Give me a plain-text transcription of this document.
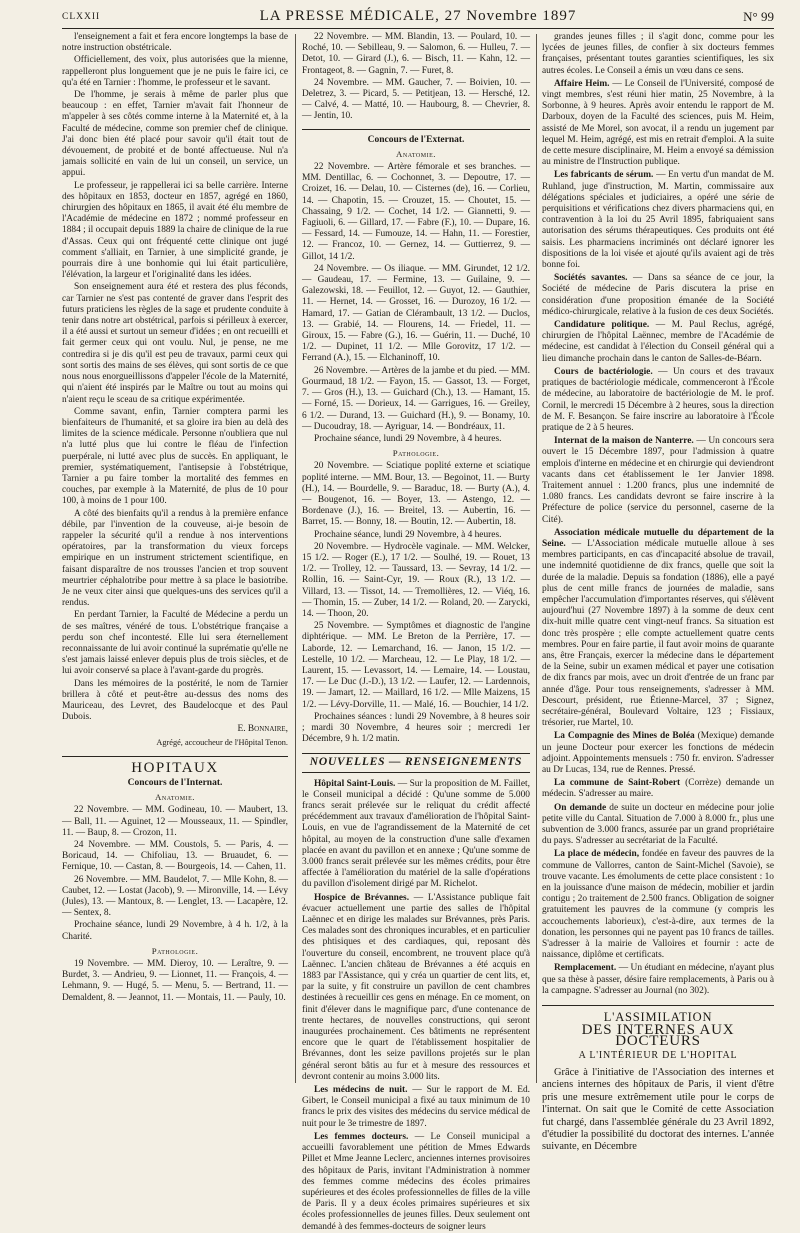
CLXXII	LA PRESSE MÉDICALE, 27 Novembre 1897	N° 99

l'enseignement a fait et fera encore longtemps la base de notre instruction obstétricale.

Officiellement, des voix, plus autorisées que la mienne, rappelleront plus longuement que je ne puis le faire ici, ce qu'a été en Tarnier : l'homme, le professeur et le savant.

De l'homme, je serais à même de parler plus que beaucoup : en effet, Tarnier m'avait fait l'honneur de m'appeler à ses côtés comme interne à la Maternité et, à la Faculté de médecine, comme son premier chef de clinique. J'ai donc bien été placé pour savoir qu'il était tout de dévouement, de probité et de bonté affectueuse. Nul n'a jamais sollicité en vain de lui un conseil, un service, un appui.

Le professeur, je rappellerai ici sa belle carrière. Interne des hôpitaux en 1853, docteur en 1857, agrégé en 1860, chirurgien des hôpitaux en 1865, il avait été élu membre de l'Académie de médecine en 1872 ; nommé professeur en 1884 ; il occupait depuis 1889 la chaire de clinique de la rue d'Assas. Ceux qui ont fréquenté cette clinique ont jugé comment s'alliait, en Tarnier, à une simplicité grande, je pourrais dire à une bonhomie qui lui était particulière, l'élévation, la largeur et l'originalité dans les idées.

Son enseignement aura été et restera des plus féconds, car Tarnier ne s'est pas contenté de graver dans l'esprit des futurs praticiens les règles de la sage et prudente conduite à tenir dans notre art obstétrical, parfois si périlleux à exercer, il a été aussi et surtout un semeur d'idées ; en ont recueilli et fait germer ceux qui ont voulu. Nul, je pense, ne me contredira si je dis qu'il est peu de travaux, parmi ceux qui sont sortis des mains de ses élèves, qui sont sortis de ce que nous nous enorgueillissons d'appeler l'école de la Maternité, qui n'aient été inspirés par le Maître ou tout au moins qui n'aient reçu le sceau de sa critique expérimentée.

Comme savant, enfin, Tarnier comptera parmi les bienfaiteurs de l'humanité, et sa gloire ira bien au delà des limites de la science médicale. Personne n'oubliera que nul n'a lutté plus que lui contre le fléau de l'infection puerpérale, ni lutté avec plus de succès. En appliquant, le premier, systématiquement, l'antisepsie à l'obstétrique, Tarnier a pu faire tomber la mortalité des femmes en couches, par exemple à la Maternité, de plus de 10 pour 100, à moins de 1 pour 100.

A côté des bienfaits qu'il a rendus à la première enfance débile, par l'invention de la couveuse, ai-je besoin de rappeler la sécurité qu'il a rendue à nos interventions opératoires, par la transformation du vieux forceps empirique en un instrument strictement scientifique, en faisant disparaître de nos trousses l'ancien et trop souvent meurtrier céphalotribe pour mettre à sa place le basiotribe. Je ne veux citer ainsi que quelques-uns des services qu'il a rendus.

En perdant Tarnier, la Faculté de Médecine a perdu un de ses maîtres, vénéré de tous. L'obstétrique française a perdu son chef incontesté. Elle lui sera éternellement reconnaissante de lui avoir continué la suprématie qu'elle ne s'est jamais laissé enlever depuis plus de trois siècles, et de lui avoir conservé sa place à l'avant-garde du progrès.

Dans les mémoires de la postérité, le nom de Tarnier brillera à côté et peut-être au-dessus des noms des Mauriceau, des Levret, des Baudelocque et des Paul Dubois.

E. Bonnaire,

Agrégé, accoucheur de l'Hôpital Tenon.

HOPITAUX
Concours de l'Internat.
Anatomie.

22 Novembre. — MM. Godineau, 10. — Maubert, 13. — Ball, 11. — Aguinet, 12 — Mousseaux, 11. — Spindler, 11. — Baup, 8. — Crozon, 11.

24 Novembre. — MM. Coustols, 5. — Paris, 4. — Boricaud, 14. — Chifoliau, 13. — Bruaudet, 6. — Fernique, 10. — Castan, 8. — Bourgeois, 14. — Cahen, 11.

26 Novembre. — MM. Baudelot, 7. — Mlle Kohn, 8. — Caubet, 12. — Lostat (Jacob), 9. — Mironville, 14. — Lévy (Jules), 13. — Mantoux, 8. — Lenglet, 13. — Lacapère, 12. — Sentex, 8.

Prochaine séance, lundi 29 Novembre, à 4 h. 1/2, à la Charité.

Pathologie.

19 Novembre. — MM. Dieroy, 10. — Leraître, 9. — Burdet, 3. — Andrieu, 9. — Lionnet, 11. — François, 4. — Lehmann, 9. — Hugé, 5. — Menu, 5. — Bertrand, 11. — Demaldent, 8. — Jeannot, 11. — Montais, 11. — Pauly, 10.

22 Novembre. — MM. Blandin, 13. — Poulard, 10. — Roché, 10. — Sebilleau, 9. — Salomon, 6. — Hulleu, 7. — Detot, 10. — Girard (J.), 6. — Bisch, 11. — Kahn, 12. — Frontageot, 8. — Gagnin, 7. — Furet, 8.

24 Novembre. — MM. Gaucher, 7. — Boivien, 10. — Deletrez, 3. — Picard, 5. — Petitjean, 13. — Hersché, 12. — Calvé, 4. — Matté, 10. — Haubourg, 8. — Chevrier, 8. — Jentin, 10.

Concours de l'Externat.
Anatomie.

22 Novembre. — Artère fémorale et ses branches. — MM. Dentillac, 6. — Cochonnet, 3. — Depoutre, 17. — Croizet, 16. — Delau, 10. — Cisternes (de), 16. — Corlieu, 14. — Chapotin, 15. — Crouzet, 15. — Choutet, 15. — Chassaing, 9 1/2. — Cochet, 14 1/2. — Giannetti, 9. — Fagiuoli, 6. — Gillard, 17. — Fabre (F.), 10. — Dupare, 16. — Fessard, 14. — Fumouze, 14. — Hahn, 11. — Forestier, 12. — Francoz, 10. — Gernez, 14. — Guttierrez, 9. — Gillot, 14 1/2.

24 Novembre. — Os iliaque. — MM. Girundet, 12 1/2. — Gaudeau, 17. — Fermine, 13. — Guilaine, 9. — Galezowski, 18. — Feuillot, 12. — Guyot, 12. — Gauthier, 11. — Hernet, 14. — Grosset, 16. — Durozoy, 16 1/2. — Hamard, 17. — Gatian de Clérambault, 13 1/2. — Duclos, 13. — Grabié, 14. — Flourens, 14. — Friedel, 11. — Giroux, 15. — Fabre (G.), 16. — Guérin, 11. — Duché, 10 1/2. — Dupinet, 11 1/2. — Mlle Gorovitz, 17 1/2. — Ferrand (A.), 15. — Elchaninoff, 10.

26 Novembre. — Artères de la jambe et du pied. — MM. Gourmaud, 18 1/2. — Fayon, 15. — Gassot, 13. — Forget, 7. — Gros (H.), 13. — Guichard (Ch.), 13. — Hamant, 15. — Forné, 15. — Dorieux, 14. — Garrigues, 16. — Greiley, 6 1/2. — Durand, 13. — Guichard (H.), 9. — Bonamy, 10. — Ducoudray, 18. — Ayriguar, 14. — Bondréaux, 11.

Prochaine séance, lundi 29 Novembre, à 4 heures.

Pathologie.

20 Novembre. — Sciatique poplité externe et sciatique poplité interne. — MM. Bour, 13. — Begoinot, 11. — Burty (H.), 14. — Bourdelle, 9. — Baraduc, 18. — Burty (A.), 4. — Bougenot, 16. — Boyer, 13. — Astengo, 12. — Bordenave (J.), 16. — Breitel, 13. — Aubertin, 16. — Barret, 15. — Bonny, 18. — Boutin, 12. — Aubertin, 18.

Prochaine séance, lundi 29 Novembre, à 4 heures.

20 Novembre. — Hydrocèle vaginale. — MM. Welcker, 15 1/2. — Roger (E.), 17 1/2. — Soulhé, 19. — Rouet, 13 1/2. — Trolley, 12. — Taussard, 13. — Sevray, 14 1/2. — Rollin, 16. — Saint-Cyr, 19. — Roux (R.), 13 1/2. — Villard, 13. — Tissot, 14. — Tremollières, 12. — Viéq, 16. — Thomin, 15. — Zuber, 14 1/2. — Roland, 20. — Zarycki, 14. — Thoon, 20.

25 Novembre. — Symptômes et diagnostic de l'angine diphtérique. — MM. Le Breton de la Perrière, 17. — Laborde, 12. — Lemarchand, 16. — Janon, 15 1/2. — Lestelle, 10 1/2. — Marcheau, 12. — Le Play, 18 1/2. — Laurent, 15. — Levassort, 14. — Lemaire, 14. — Loustau, 17. — Le Duc (J.-D.), 13 1/2. — Laufer, 12. — Lardennois, 19. — Jamart, 12. — Maillard, 16 1/2. — Mlle Maizens, 15 1/2. — Lévy-Dorville, 11. — Malé, 16. — Bouchier, 14 1/2.

Prochaines séances : lundi 29 Novembre, à 8 heures soir ; mardi 30 Novembre, 4 heures soir ; mercredi 1er Décembre, 9 h. 1/2 matin.

NOUVELLES — RENSEIGNEMENTS

Hôpital Saint-Louis. — Sur la proposition de M. Faillet, le Conseil municipal a décidé : Qu'une somme de 5.000 francs serait prélevée sur le reliquat du crédit affecté précédemment aux travaux d'amélioration de l'hôpital Saint-Louis, en vue de l'agrandissement de la Maternité de cet hôpital, au moyen de la construction d'une salle d'examen placée en avant du pavillon et en annexe ; Qu'une somme de 3.000 francs serait prélevée sur les mêmes crédits, pour être affectée à l'amélioration du matériel de la salle d'opérations du pavillon d'isolement dirigé par M. Richelot.

Hospice de Brévannes. — L'Assistance publique fait évacuer actuellement une partie des salles de l'hôpital Laënnec et en dirige les malades sur Brévannes, près Paris. Ces malades sont des chroniques incurables, et en particulier des phtisiques et des cardiaques, qui, reposant dès l'ouverture du conseil, encombrent, ne trouvent place qu'à Laënnec. L'ancien château de Brévannes a été acquis en 1883 par l'Assistance, qui y créa un quartier de cent lits, et, par la suite, y fit construire un pavillon de cent chambres destinées à recueillir ces gens en ménage. En ce moment, on finit d'élever dans le magnifique parc, d'une contenance de trente hectares, de nouvelles constructions, qui seront inaugurées prochainement. Ces bâtiments ne représentent encore que le quart de l'établissement hospitalier de Brévannes, dont les seize pavillons projetés sur le plan général seront bâtis au fur et à mesure des ressources et devront contenir au moins 3.000 lits.

Les médecins de nuit. — Sur le rapport de M. Ed. Gibert, le Conseil municipal a fixé au taux minimum de 10 francs le prix des visites des médecins du service médical de nuit pour le 3e trimestre de 1897.

Les femmes docteurs. — Le Conseil municipal a accueilli favorablement une pétition de Mmes Edwards Pillet et Mme Jeanne Leclerc, anciennes internes provisoires des hôpitaux de Paris, invitant l'Administration à nommer des femmes comme médecins des écoles primaires supérieures et des écoles professionnelles de filles de la ville de Paris. Il y a deux écoles primaires supérieures et six écoles professionnelles de jeunes filles. Deux seulement ont demandé à des femmes-docteurs de soigner leurs

grandes jeunes filles ; il s'agit donc, comme pour les lycées de jeunes filles, de confier à six docteurs femmes françaises, présentant toutes garanties scientifiques, les six autres écoles. Le Conseil a émis un vœu dans ce sens.

Affaire Heim. — Le Conseil de l'Université, composé de vingt membres, s'est réuni hier matin, 25 Novembre, à la Sorbonne, à 9 heures. Après avoir entendu le rapport de M. Darboux, doyen de la Faculté des sciences, puis M. Heim, assisté de Me Morel, son avocat, il a rendu un jugement par lequel M. Heim, agrégé, est mis en retrait d'emploi. A la suite de cette mesure disciplinaire, M. Heim a envoyé sa démission au ministre de l'Instruction publique.

Les fabricants de sérum. — En vertu d'un mandat de M. Ruhland, juge d'instruction, M. Martin, commissaire aux délégations spéciales et judiciaires, a opéré une série de perquisitions et vérifications chez divers pharmaciens qui, en contravention à la loi du 25 Avril 1895, fabriquaient sans autorisation des sérums thérapeutiques. Ces produits ont été saisis. Les pharmaciens incriminés ont déclaré ignorer les dispositions de la loi visée et ajouté qu'ils avaient agi de très bonne foi.

Sociétés savantes. — Dans sa séance de ce jour, la Société de médecine de Paris discutera la prise en considération d'une proposition émanée de la Société médico-chirurgicale, relative à la fusion de ces deux Sociétés.

Candidature politique. — M. Paul Reclus, agrégé, chirurgien de l'hôpital Laënnec, membre de l'Académie de médecine, est candidat à l'élection du Conseil général qui a lieu dimanche prochain dans le canton de Salles-de-Béarn.

Cours de bactériologie. — Un cours et des travaux pratiques de bactériologie médicale, commenceront à l'École de médecine, au laboratoire de bactériologie de M. le prof. Cornil, le mercredi 15 Décembre à 2 heures, sous la direction de M. F. Besançon. Se faire inscrire au laboratoire à l'École pratique de 2 à 5 heures.

Internat de la maison de Nanterre. — Un concours sera ouvert le 15 Décembre 1897, pour l'admission à quatre emplois d'interne en médecine et en chirurgie qui deviendront vacants dans cet établissement le 1er Janvier 1898. Traitement annuel : 1.200 francs, plus une indemnité de 1.080 francs. Les candidats devront se faire inscrire à la Préfecture de police (service du personnel, caserne de la Cité).

Association médicale mutuelle du département de la Seine. — L'Association médicale mutuelle alloue à ses membres participants, en cas d'incapacité absolue de travail, une indemnité quotidienne de dix francs, quelle que soit la durée de la maladie. Depuis sa fondation (1886), elle a payé plus de cent mille francs de journées de maladie, sans empêcher l'accumulation d'importantes réserves, qui s'élèvent aujourd'hui (27 Novembre 1897) à la somme de deux cent dix-huit mille quatre cent vingt-neuf francs. Sa situation est donc très prospère ; elle compte actuellement quatre cents membres. Pour en faire partie, il faut avoir moins de quarante ans, être Français, exercer la médecine dans le département de la Seine, subir un examen médical et payer une cotisation de dix francs par mois, avec un droit d'entrée de un franc par année d'âge. Pour tous renseignements, s'adresser à MM. Descourt, président, rue Étienne-Marcel, 37 ; Signez, secrétaire-général, Boulevard Voltaire, 123 ; Fissiaux, trésorier, rue Martel, 10.

La Compagnie des Mines de Boléa (Mexique) demande un jeune Docteur pour exercer les fonctions de médecin adjoint. Appointements mensuels : 750 fr. environ. S'adresser au Dr Lucas, 134, rue de Rennes. Pressé.

La commune de Saint-Robert (Corrèze) demande un médecin. S'adresser au maire.

On demande de suite un docteur en médecine pour jolie petite ville du Cantal. Situation de 7.000 à 8.000 fr., plus une subvention de 3.000 francs, assurée par un grand propriétaire du pays. S'adresser au secrétariat de la Faculté.

La place de médecin, fondée en faveur des pauvres de la commune de Vallorres, canton de Saint-Michel (Savoie), se trouve vacante. Les émoluments de cette place consistent : 1o en la jouissance d'une maison de médecin, mobilier et jardin contigu ; 2o traitement de 2.500 francs. Obligation de soigner gratuitement les pauvres de la commune (y compris les accouchements laborieux), c'est-à-dire, aux termes de la donation, les personnes qui ne payent pas 10 francs de tailles. S'adresser à la mairie de Valloires et fournir : acte de naissance, diplôme et certificats.

Remplacement. — Un étudiant en médecine, n'ayant plus que sa thèse à passer, désire faire remplacements, à Paris ou à la campagne. S'adresser au Journal (no 302).

L'ASSIMILATION
DES INTERNES AUX DOCTEURS
A L'INTÉRIEUR DE L'HOPITAL

Grâce à l'initiative de l'Association des internes et anciens internes des hôpitaux de Paris, il vient d'être pris une mesure extrêmement utile pour le corps de l'internat. On sait que le Comité de cette Association fut chargé, dans l'assemblée générale du 23 Avril 1892, d'étudier la possibilité du doctorat des internes. L'année suivante, en Décembre
